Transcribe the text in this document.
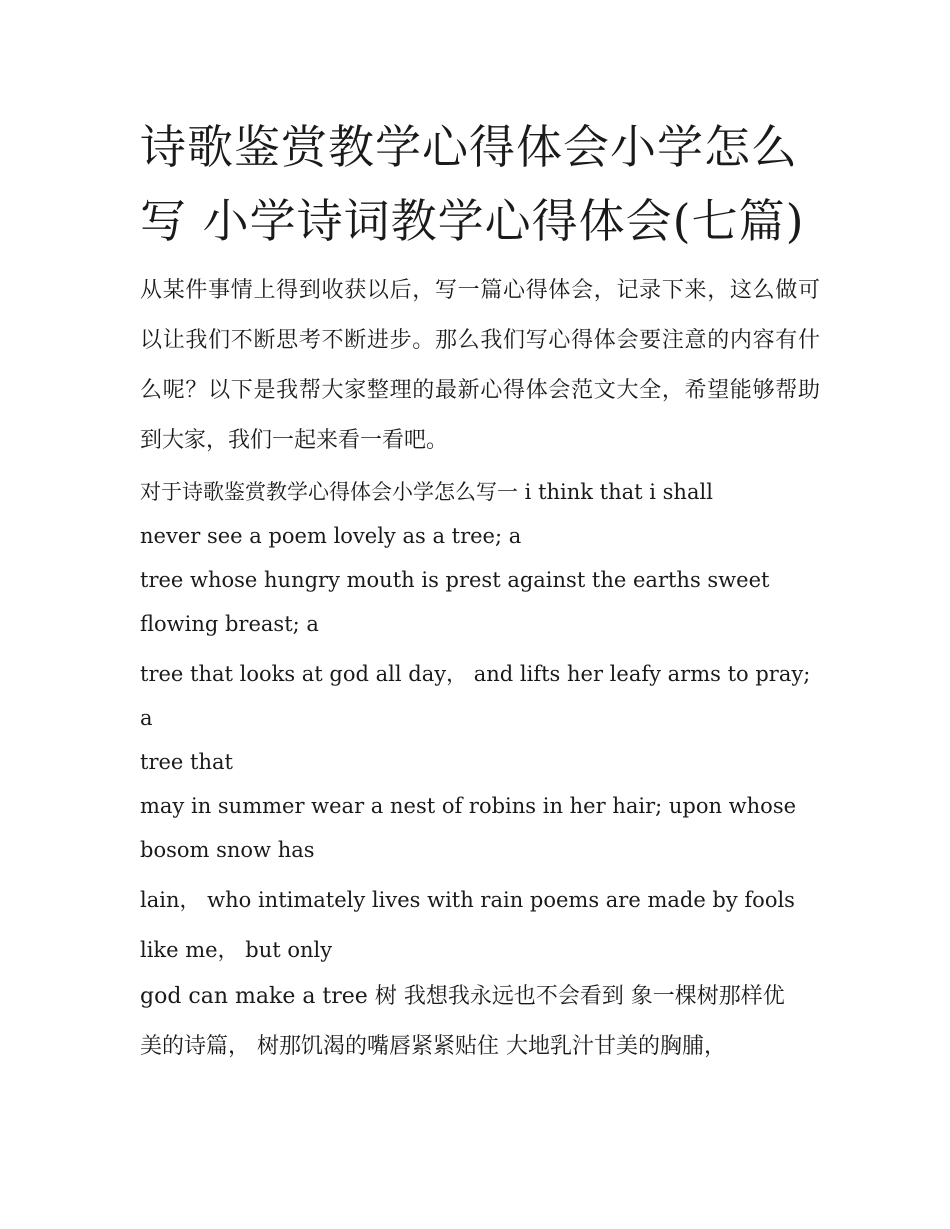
诗歌鉴赏教学心得体会小学怎么写 小学诗词教学心得体会(七篇)

从某件事情上得到收获以后，写一篇心得体会，记录下来，这么做可以让我们不断思考不断进步。那么我们写心得体会要注意的内容有什么呢？以下是我帮大家整理的最新心得体会范文大全，希望能够帮助到大家，我们一起来看一看吧。

对于诗歌鉴赏教学心得体会小学怎么写一 i think that i shall

never see a poem lovely as a tree; a

tree whose hungry mouth is prest against the earths sweet

flowing breast; a

tree that looks at god all day， and lifts her leafy arms to pray; a

tree that

may in summer wear a nest of robins in her hair; upon whose

bosom snow has

lain， who intimately lives with rain poems are made by fools

like me， but only

god can make a tree 树 我想我永远也不会看到 象一棵树那样优

美的诗篇， 树那饥渴的嘴唇紧紧贴住 大地乳汁甘美的胸脯，
